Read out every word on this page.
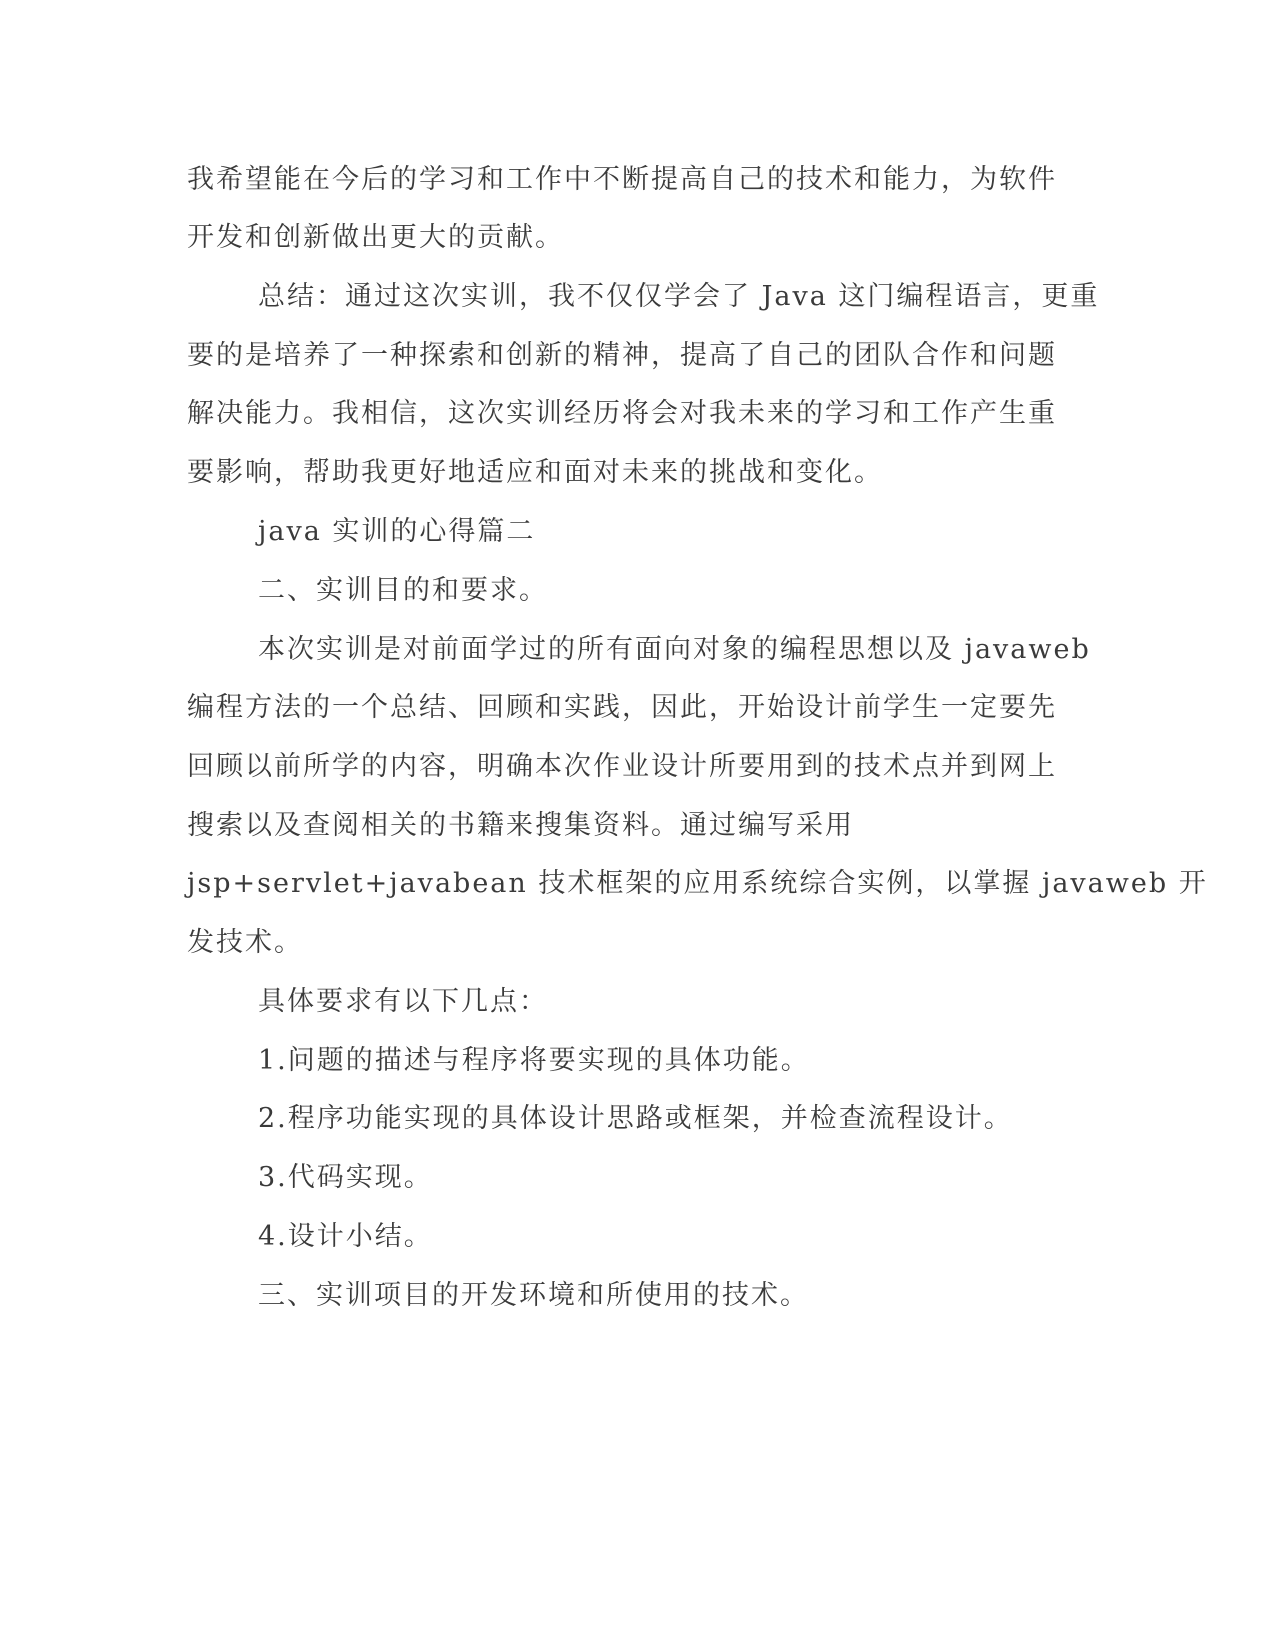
我希望能在今后的学习和工作中不断提高自己的技术和能力，为软件
开发和创新做出更大的贡献。
总结：通过这次实训，我不仅仅学会了 Java 这门编程语言，更重
要的是培养了一种探索和创新的精神，提高了自己的团队合作和问题
解决能力。我相信，这次实训经历将会对我未来的学习和工作产生重
要影响，帮助我更好地适应和面对未来的挑战和变化。
java 实训的心得篇二
二、实训目的和要求。
本次实训是对前面学过的所有面向对象的编程思想以及 javaweb
编程方法的一个总结、回顾和实践，因此，开始设计前学生一定要先
回顾以前所学的内容，明确本次作业设计所要用到的技术点并到网上
搜索以及查阅相关的书籍来搜集资料。通过编写采用
jsp+servlet+javabean 技术框架的应用系统综合实例，以掌握 javaweb 开
发技术。
具体要求有以下几点：
1.问题的描述与程序将要实现的具体功能。
2.程序功能实现的具体设计思路或框架，并检查流程设计。
3.代码实现。
4.设计小结。
三、实训项目的开发环境和所使用的技术。
